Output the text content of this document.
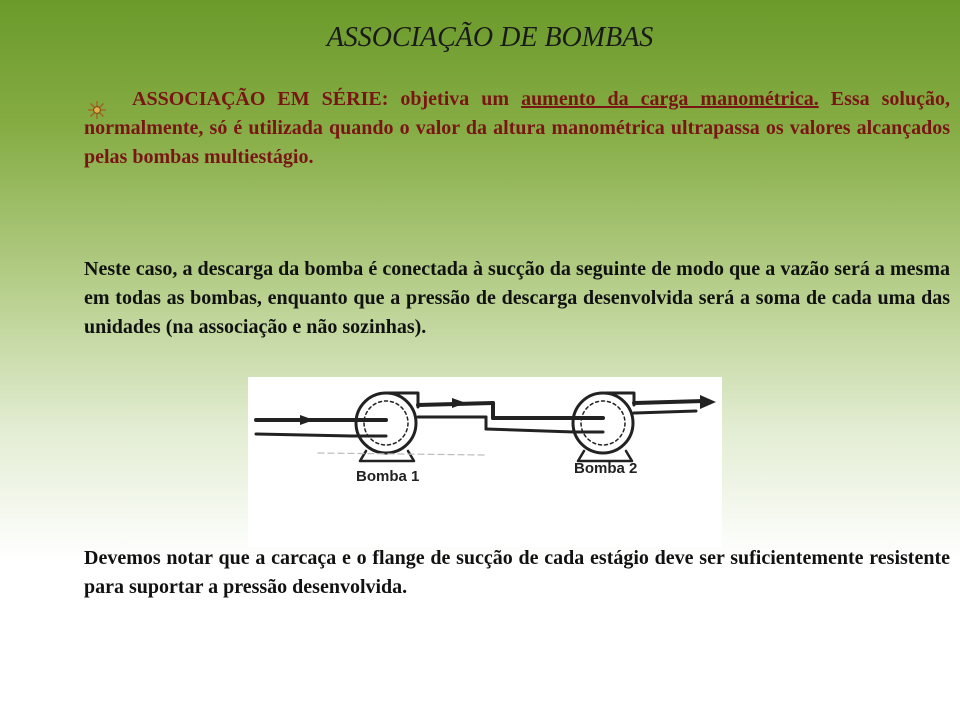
ASSOCIAÇÃO DE BOMBAS
ASSOCIAÇÃO EM SÉRIE: objetiva um aumento da carga manométrica. Essa solução, normalmente, só é utilizada quando o valor da altura manométrica ultrapassa os valores alcançados pelas bombas multiestágio.
Neste caso, a descarga da bomba é conectada à sucção da seguinte de modo que a vazão será a mesma em todas as bombas, enquanto que a pressão de descarga desenvolvida será a soma de cada uma das unidades (na associação e não sozinhas).
Bomba 1	Bomba 2
Devemos notar que a carcaça e o flange de sucção de cada estágio deve ser suficientemente resistente para suportar a pressão desenvolvida.
